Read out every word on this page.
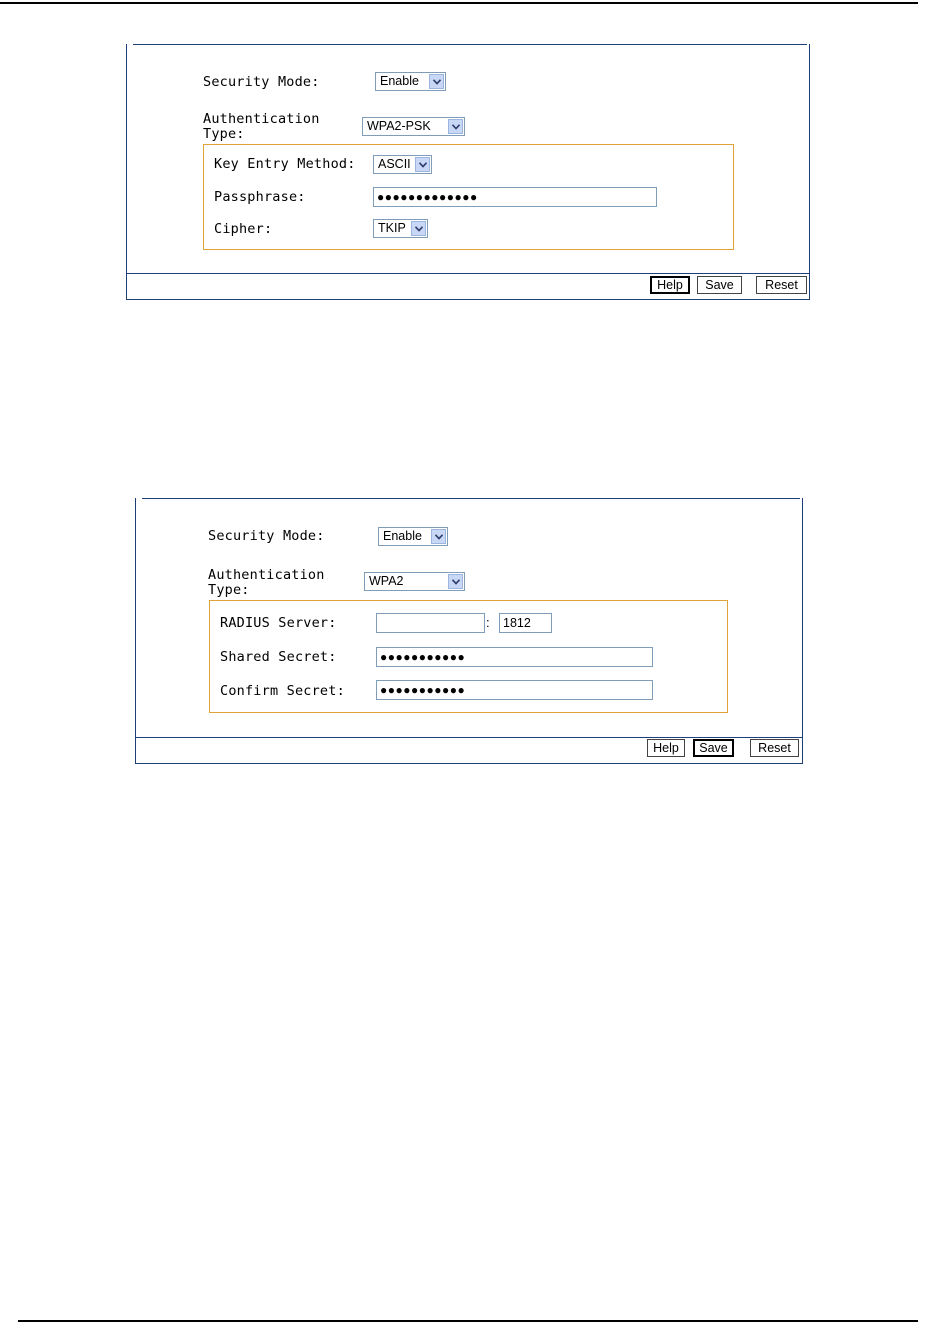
Security Mode:	Enable
Authentication
Type:	WPA2-PSK
Key Entry Method:	ASCII
Passphrase:	●●●●●●●●●●●●●
Cipher:	TKIP
Help	Save	Reset
Security Mode:	Enable
Authentication
Type:
WPA2
RADIUS Server:	:	1812
Shared Secret:	●●●●●●●●●●●
Confirm Secret:	●●●●●●●●●●●
Help	Save	Reset
